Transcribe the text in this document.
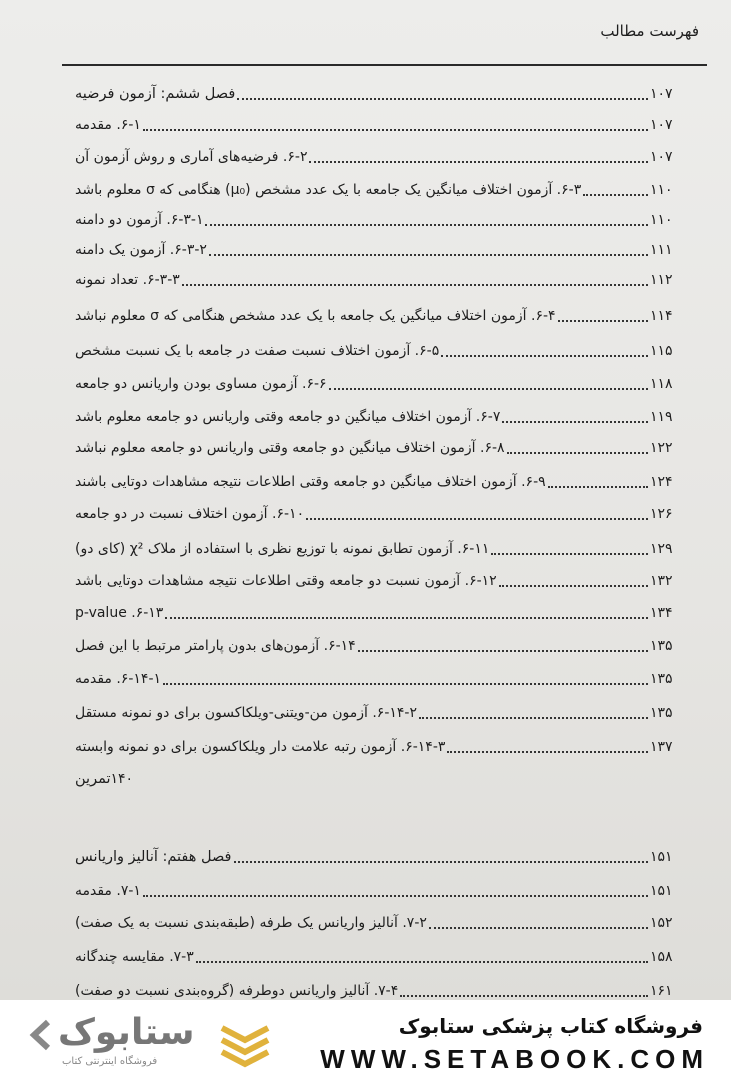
فهرست مطالب
فصل ششم: آزمون فرضیه	۱۰۷
۶-۱. مقدمه	۱۰۷
۶-۲. فرضیه‌های آماری و روش آزمون آن	۱۰۷
۶-۳. آزمون اختلاف میانگین یک جامعه با یک عدد مشخص (μ₀) هنگامی که σ معلوم باشد	۱۱۰
۶-۳-۱. آزمون دو دامنه	۱۱۰
۶-۳-۲. آزمون یک دامنه	۱۱۱
۶-۳-۳. تعداد نمونه	۱۱۲
۶-۴. آزمون اختلاف میانگین یک جامعه با یک عدد مشخص هنگامی که σ معلوم نباشد	۱۱۴
۶-۵. آزمون اختلاف نسبت صفت در جامعه با یک نسبت مشخص	۱۱۵
۶-۶. آزمون مساوی بودن واریانس دو جامعه	۱۱۸
۶-۷. آزمون اختلاف میانگین دو جامعه وقتی واریانس دو جامعه معلوم باشد	۱۱۹
۶-۸. آزمون اختلاف میانگین دو جامعه وقتی واریانس دو جامعه معلوم نباشد	۱۲۲
۶-۹. آزمون اختلاف میانگین دو جامعه وقتی اطلاعات نتیجه مشاهدات دوتایی باشند	۱۲۴
۶-۱۰. آزمون اختلاف نسبت در دو جامعه	۱۲۶
۶-۱۱. آزمون تطابق نمونه با توزیع نظری با استفاده از ملاک χ² (کای دو)	۱۲۹
۶-۱۲. آزمون نسبت دو جامعه وقتی اطلاعات نتیجه مشاهدات دوتایی باشد	۱۳۲
۶-۱۳. p-value	۱۳۴
۶-۱۴. آزمون‌های بدون پارامتر مرتبط با این فصل	۱۳۵
۶-۱۴-۱. مقدمه	۱۳۵
۶-۱۴-۲. آزمون من-ویتنی-ویلکاکسون برای دو نمونه مستقل	۱۳۵
۶-۱۴-۳. آزمون رتبه علامت دار ویلکاکسون برای دو نمونه وابسته	۱۳۷
تمرین ۱۴۰
فصل هفتم: آنالیز واریانس	۱۵۱
۷-۱. مقدمه	۱۵۱
۷-۲. آنالیز واریانس یک طرفه (طبقه‌بندی نسبت به یک صفت)	۱۵۲
۷-۳. مقایسه چندگانه	۱۵۸
۷-۴. آنالیز واریانس دوطرفه (گروه‌بندی نسبت دو صفت)	۱۶۱
ستابوک
فروشگاه اینترنتی کتاب
فروشگاه کتاب پزشکی ستابوک
WWW.SETABOOK.COM
